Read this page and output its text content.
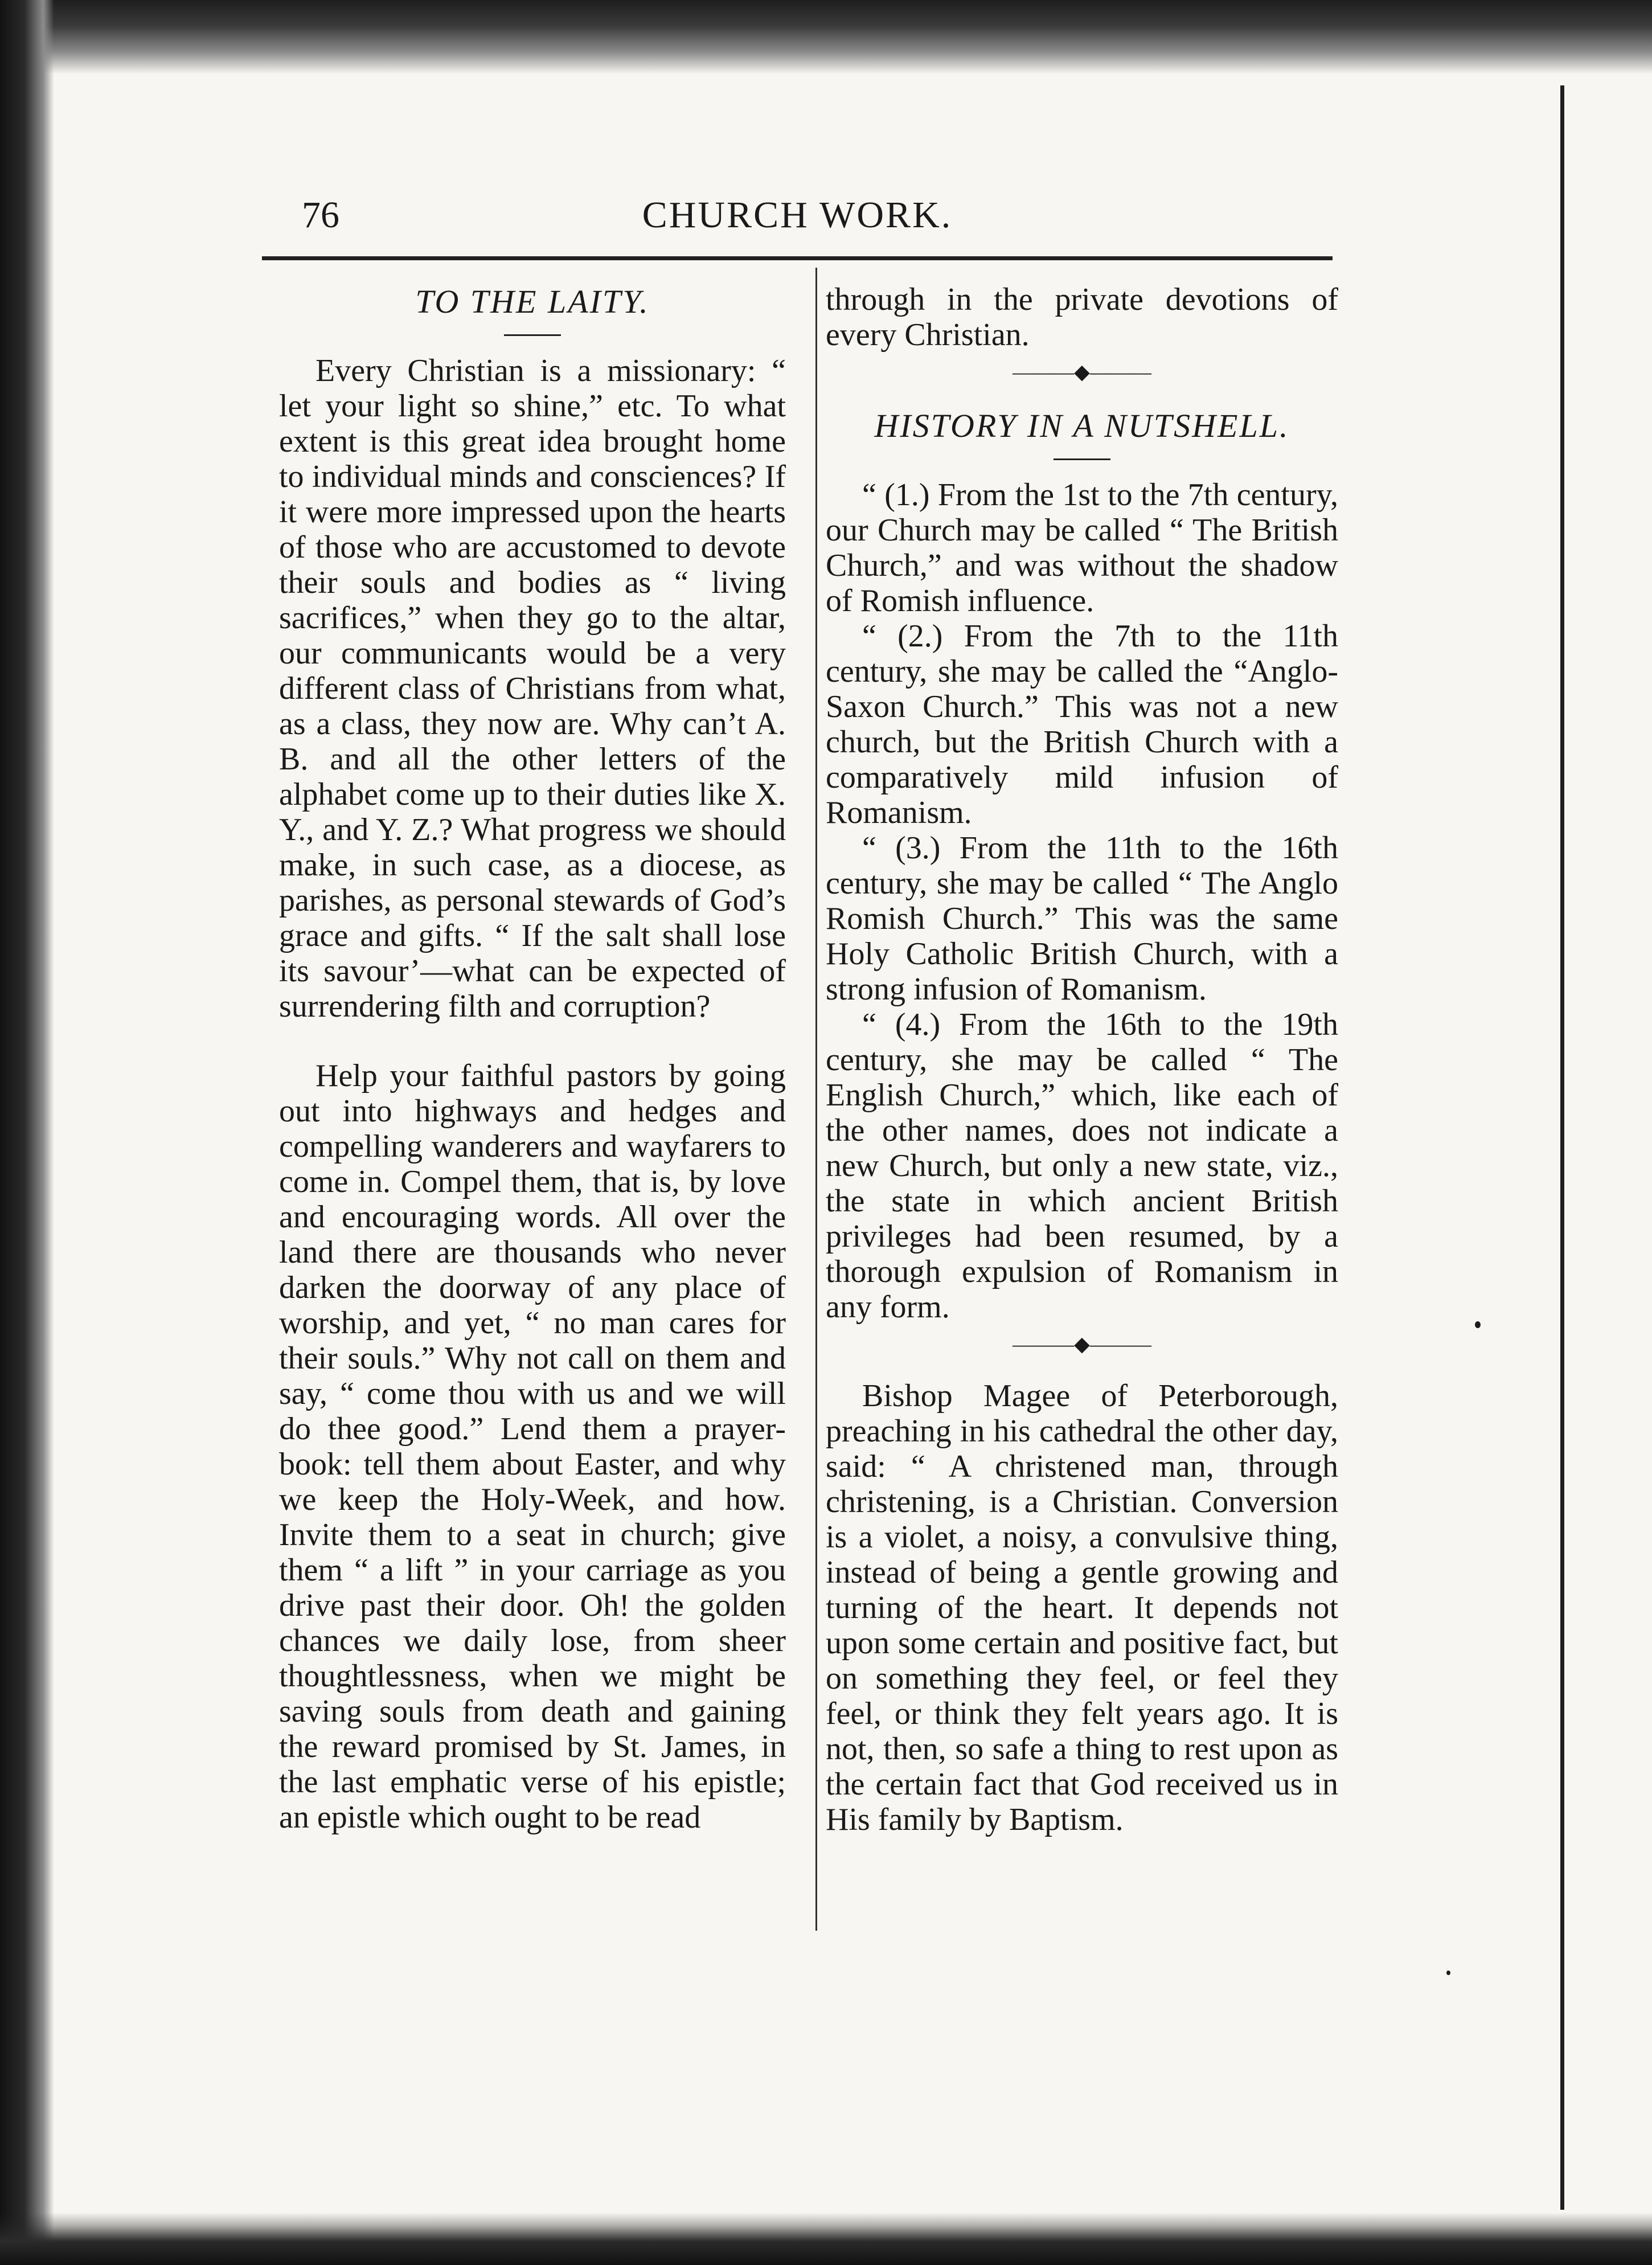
CHURCH WORK.
76
TO THE LAITY.

Every Christian is a missionary: “ let your light so shine,” etc. To what extent is this great idea brought home to individual minds and consciences? If it were more impressed upon the hearts of those who are accustomed to devote their souls and bodies as “ living sacrifices,” when they go to the altar, our communicants would be a very different class of Christians from what, as a class, they now are. Why can’t A. B. and all the other letters of the alphabet come up to their duties like X. Y., and Y. Z.? What progress we should make, in such case, as a diocese, as parishes, as personal stewards of God’s grace and gifts. “ If the salt shall lose its savour’—what can be expected of surrendering filth and corruption?

Help your faithful pastors by going out into highways and hedges and compelling wanderers and wayfarers to come in. Compel them, that is, by love and encouraging words. All over the land there are thousands who never darken the doorway of any place of worship, and yet, “ no man cares for their souls.” Why not call on them and say, “ come thou with us and we will do thee good.” Lend them a prayer-book: tell them about Easter, and why we keep the Holy-Week, and how. Invite them to a seat in church; give them “ a lift ” in your carriage as you drive past their door. Oh! the golden chances we daily lose, from sheer thoughtlessness, when we might be saving souls from death and gaining the reward promised by St. James, in the last emphatic verse of his epistle; an epistle which ought to be read

through in the private devotions of every Christian.

———◆———
HISTORY IN A NUTSHELL.

“ (1.) From the 1st to the 7th century, our Church may be called “ The British Church,” and was without the shadow of Romish influence.

“ (2.) From the 7th to the 11th century, she may be called the “Anglo-Saxon Church.” This was not a new church, but the British Church with a comparatively mild infusion of Romanism.

“ (3.) From the 11th to the 16th century, she may be called “ The Anglo Romish Church.” This was the same Holy Catholic British Church, with a strong infusion of Romanism.

“ (4.) From the 16th to the 19th century, she may be called “ The English Church,” which, like each of the other names, does not indicate a new Church, but only a new state, viz., the state in which ancient British privileges had been resumed, by a thorough expulsion of Romanism in any form.

———◆———

Bishop Magee of Peterborough, preaching in his cathedral the other day, said: “ A christened man, through christening, is a Christian. Conversion is a violet, a noisy, a convulsive thing, instead of being a gentle growing and turning of the heart. It depends not upon some certain and positive fact, but on something they feel, or feel they feel, or think they felt years ago. It is not, then, so safe a thing to rest upon as the certain fact that God received us in His family by Baptism.
